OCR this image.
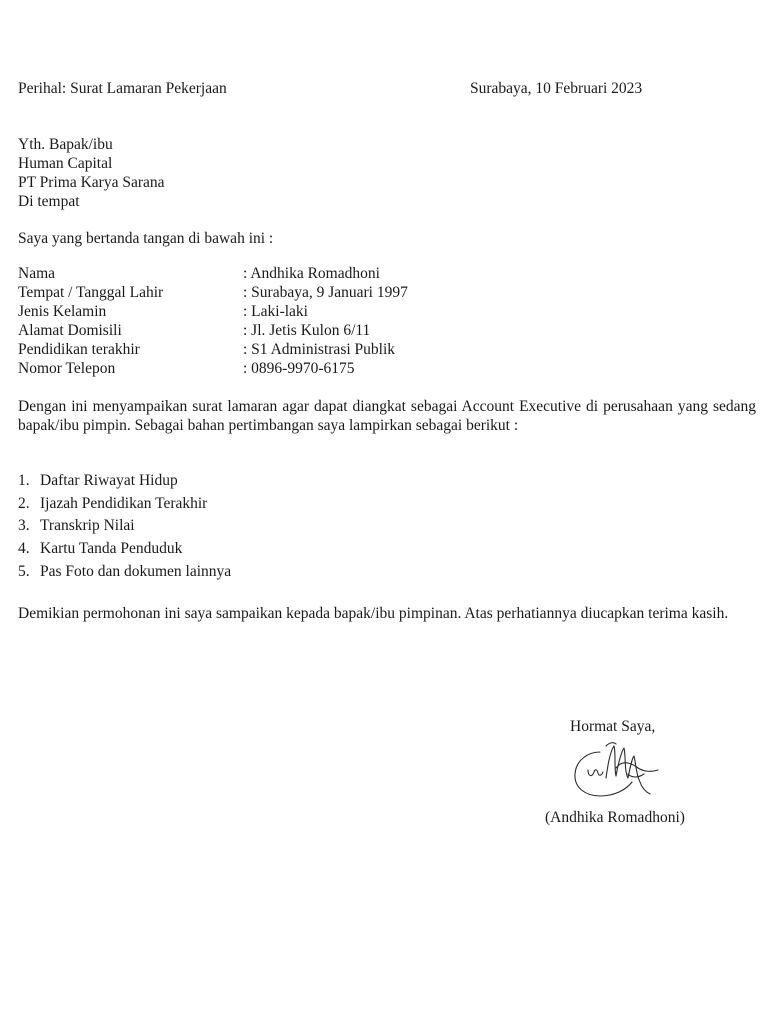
Perihal: Surat Lamaran Pekerjaan	Surabaya, 10 Februari 2023
Yth. Bapak/ibu
Human Capital
PT Prima Karya Sarana
Di tempat
Saya yang bertanda tangan di bawah ini :
Nama	: Andhika Romadhoni
Tempat / Tanggal Lahir	: Surabaya, 9 Januari 1997
Jenis Kelamin	: Laki-laki
Alamat Domisili	: Jl. Jetis Kulon 6/11
Pendidikan terakhir	: S1 Administrasi Publik
Nomor Telepon	: 0896-9970-6175
Dengan ini menyampaikan surat lamaran agar dapat diangkat sebagai Account Executive di perusahaan yang sedang bapak/ibu pimpin. Sebagai bahan pertimbangan saya lampirkan sebagai berikut :
1. Daftar Riwayat Hidup
2. Ijazah Pendidikan Terakhir
3. Transkrip Nilai
4. Kartu Tanda Penduduk
5. Pas Foto dan dokumen lainnya
Demikian permohonan ini saya sampaikan kepada bapak/ibu pimpinan. Atas perhatiannya diucapkan terima kasih.
Hormat Saya,
(Andhika Romadhoni)
